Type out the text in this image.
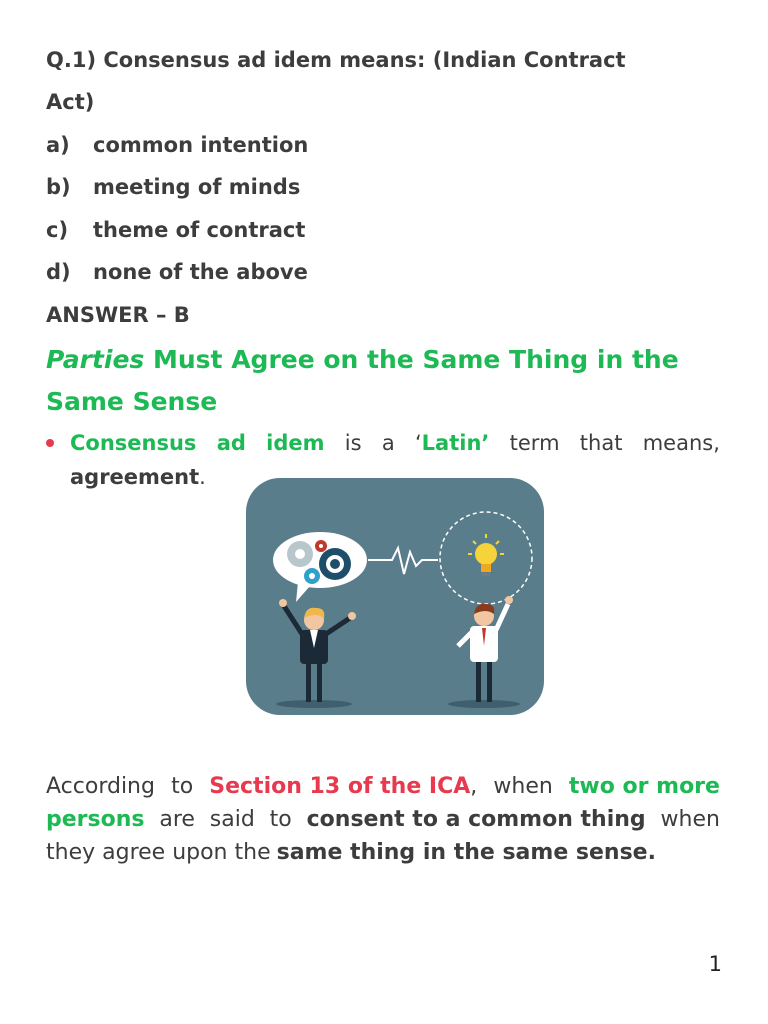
Q.1) Consensus ad idem means: (Indian Contract
Act)
a) common intention
b) meeting of minds
c) theme of contract
d) none of the above
ANSWER – B
Parties Must Agree on the Same Thing in the
Same Sense
Consensus ad idem is a ‘Latin’ term that means,
agreement.
According to Section 13 of the ICA, when two or more
persons are said to consent to a common thing when
they agree upon the same thing in the same sense.
1
